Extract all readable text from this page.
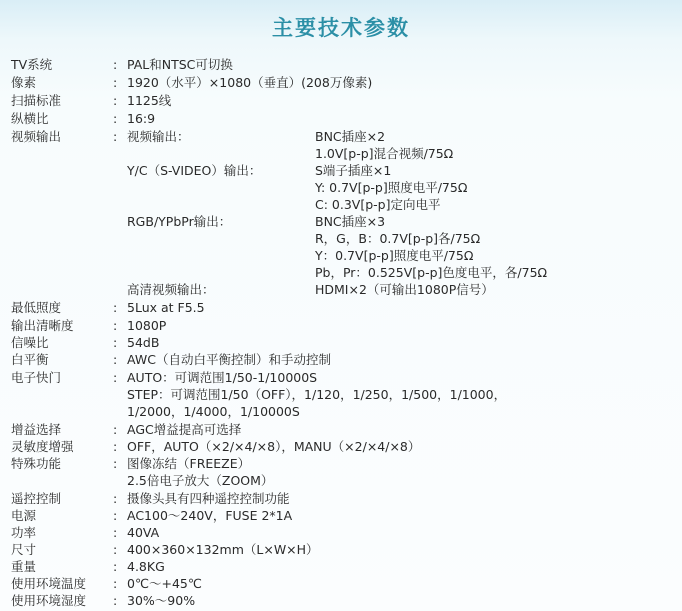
主要技术参数
TV系统	: PAL和NTSC可切换
像素	: 1920（水平）×1080（垂直）(208万像素)
扫描标准	: 1125线
纵横比	: 16:9
视频输出	: 视频输出：	BNC插座×2
1.0V[p-p]混合视频/75Ω
Y/C（S-VIDEO）输出：	S端子插座×1
Y: 0.7V[p-p]照度电平/75Ω
C: 0.3V[p-p]定向电平
RGB/YPbPr输出：	BNC插座×3
R，G，B：0.7V[p-p]各/75Ω
Y：0.7V[p-p]照度电平/75Ω
Pb，Pr：0.525V[p-p]色度电平，各/75Ω
高清视频输出：	HDMI×2（可输出1080P信号）
最低照度	: 5Lux at F5.5
输出清晰度	: 1080P
信噪比	: 54dB
白平衡	: AWC（自动白平衡控制）和手动控制
电子快门	: AUTO：可调范围1/50-1/10000S
STEP：可调范围1/50（OFF），1/120，1/250，1/500，1/1000，
1/2000，1/4000，1/10000S
增益选择	: AGC增益提高可选择
灵敏度增强	: OFF，AUTO（×2/×4/×8），MANU（×2/×4/×8）
特殊功能	: 图像冻结（FREEZE）
2.5倍电子放大（ZOOM）
遥控控制	: 摄像头具有四种遥控控制功能
电源	: AC100～240V，FUSE 2*1A
功率	: 40VA
尺寸	: 400×360×132mm（L×W×H）
重量	: 4.8KG
使用环境温度 : 0℃～+45℃
使用环境湿度 : 30%～90%
